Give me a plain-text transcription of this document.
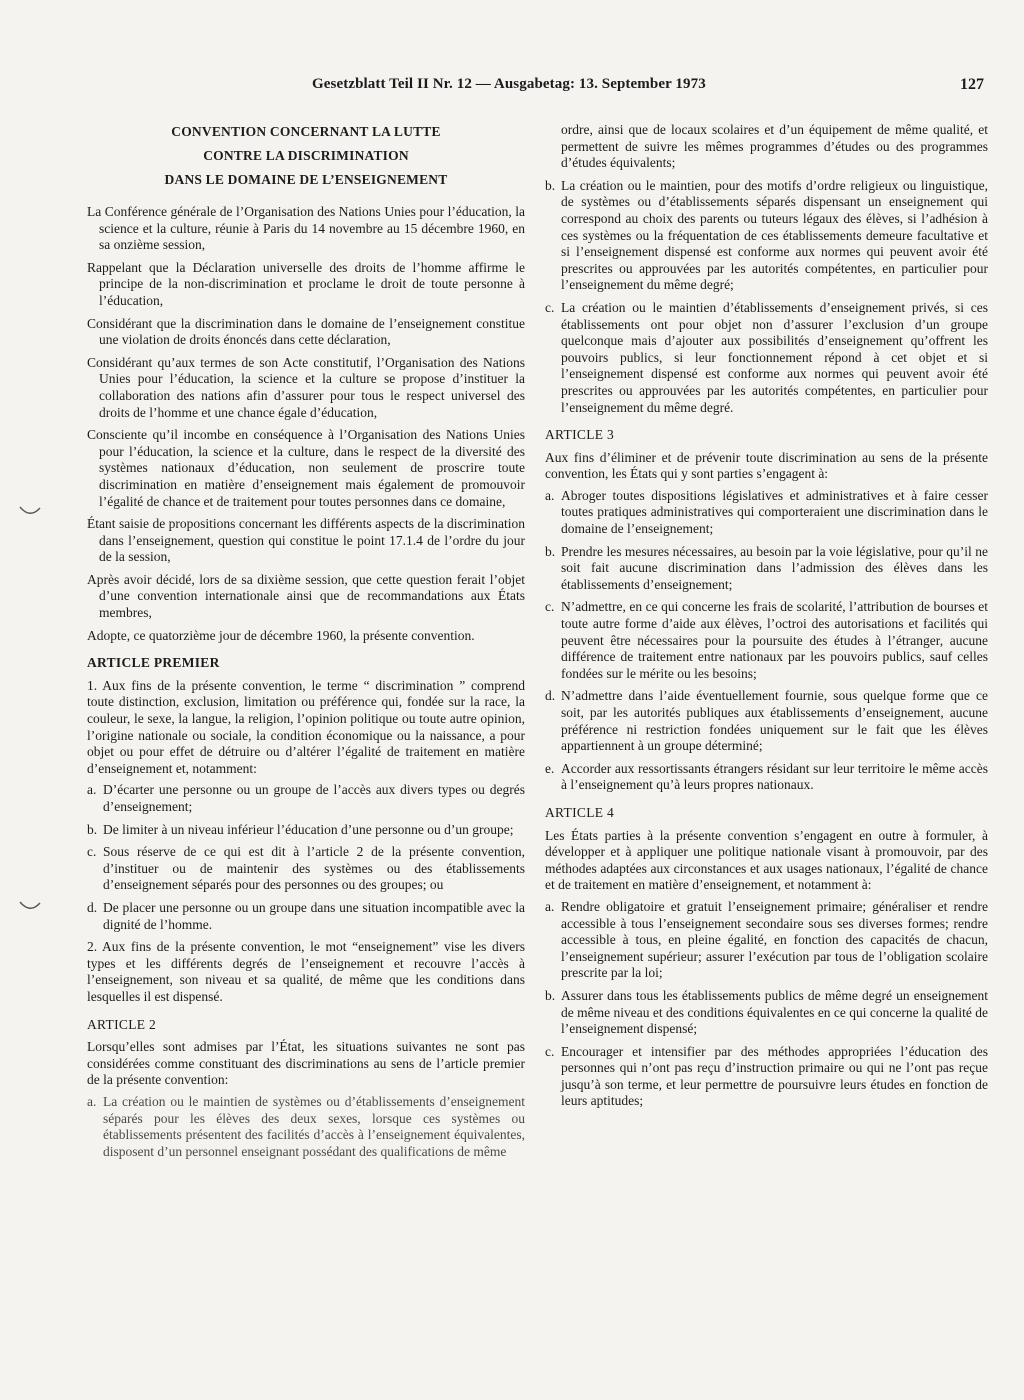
Gesetzblatt Teil II Nr. 12 — Ausgabetag: 13. September 1973	127
CONVENTION CONCERNANT LA LUTTE
CONTRE LA DISCRIMINATION
DANS LE DOMAINE DE L’ENSEIGNEMENT
La Conférence générale de l’Organisation des Nations Unies pour l’éducation, la science et la culture, réunie à Paris du 14 novembre au 15 décembre 1960, en sa onzième session,
Rappelant que la Déclaration universelle des droits de l’homme affirme le principe de la non-discrimination et proclame le droit de toute personne à l’éducation,
Considérant que la discrimination dans le domaine de l’enseignement constitue une violation de droits énoncés dans cette déclaration,
Considérant qu’aux termes de son Acte constitutif, l’Organisation des Nations Unies pour l’éducation, la science et la culture se propose d’instituer la collaboration des nations afin d’assurer pour tous le respect universel des droits de l’homme et une chance égale d’éducation,
Consciente qu’il incombe en conséquence à l’Organisation des Nations Unies pour l’éducation, la science et la culture, dans le respect de la diversité des systèmes nationaux d’éducation, non seulement de proscrire toute discrimination en matière d’enseignement mais également de promouvoir l’égalité de chance et de traitement pour toutes personnes dans ce domaine,
Étant saisie de propositions concernant les différents aspects de la discrimination dans l’enseignement, question qui constitue le point 17.1.4 de l’ordre du jour de la session,
Après avoir décidé, lors de sa dixième session, que cette question ferait l’objet d’une convention internationale ainsi que de recommandations aux États membres,
Adopte, ce quatorzième jour de décembre 1960, la présente convention.
ARTICLE PREMIER
1. Aux fins de la présente convention, le terme “ discrimination ” comprend toute distinction, exclusion, limitation ou préférence qui, fondée sur la race, la couleur, le sexe, la langue, la religion, l’opinion politique ou toute autre opinion, l’origine nationale ou sociale, la condition économique ou la naissance, a pour objet ou pour effet de détruire ou d’altérer l’égalité de traitement en matière d’enseignement et, notamment:
a. D’écarter une personne ou un groupe de l’accès aux divers types ou degrés d’enseignement;
b. De limiter à un niveau inférieur l’éducation d’une personne ou d’un groupe;
c. Sous réserve de ce qui est dit à l’article 2 de la présente convention, d’instituer ou de maintenir des systèmes ou des établissements d’enseignement séparés pour des personnes ou des groupes; ou
d. De placer une personne ou un groupe dans une situation incompatible avec la dignité de l’homme.
2. Aux fins de la présente convention, le mot “enseignement” vise les divers types et les différents degrés de l’enseignement et recouvre l’accès à l’enseignement, son niveau et sa qualité, de même que les conditions dans lesquelles il est dispensé.
ARTICLE 2
Lorsqu’elles sont admises par l’État, les situations suivantes ne sont pas considérées comme constituant des discriminations au sens de l’article premier de la présente convention:
a. La création ou le maintien de systèmes ou d’établissements d’enseignement séparés pour les élèves des deux sexes, lorsque ces systèmes ou établissements présentent des facilités d’accès à l’enseignement équivalentes, disposent d’un personnel enseignant possédant des qualifications de même
ordre, ainsi que de locaux scolaires et d’un équipement de même qualité, et permettent de suivre les mêmes programmes d’études ou des programmes d’études équivalents;
b. La création ou le maintien, pour des motifs d’ordre religieux ou linguistique, de systèmes ou d’établissements séparés dispensant un enseignement qui correspond au choix des parents ou tuteurs légaux des élèves, si l’adhésion à ces systèmes ou la fréquentation de ces établissements demeure facultative et si l’enseignement dispensé est conforme aux normes qui peuvent avoir été prescrites ou approuvées par les autorités compétentes, en particulier pour l’enseignement du même degré;
c. La création ou le maintien d’établissements d’enseignement privés, si ces établissements ont pour objet non d’assurer l’exclusion d’un groupe quelconque mais d’ajouter aux possibilités d’enseignement qu’offrent les pouvoirs publics, si leur fonctionnement répond à cet objet et si l’enseignement dispensé est conforme aux normes qui peuvent avoir été prescrites ou approuvées par les autorités compétentes, en particulier pour l’enseignement du même degré.
ARTICLE 3
Aux fins d’éliminer et de prévenir toute discrimination au sens de la présente convention, les États qui y sont parties s’engagent à:
a. Abroger toutes dispositions législatives et administratives et à faire cesser toutes pratiques administratives qui comporteraient une discrimination dans le domaine de l’enseignement;
b. Prendre les mesures nécessaires, au besoin par la voie législative, pour qu’il ne soit fait aucune discrimination dans l’admission des élèves dans les établissements d’enseignement;
c. N’admettre, en ce qui concerne les frais de scolarité, l’attribution de bourses et toute autre forme d’aide aux élèves, l’octroi des autorisations et facilités qui peuvent être nécessaires pour la poursuite des études à l’étranger, aucune différence de traitement entre nationaux par les pouvoirs publics, sauf celles fondées sur le mérite ou les besoins;
d. N’admettre dans l’aide éventuellement fournie, sous quelque forme que ce soit, par les autorités publiques aux établissements d’enseignement, aucune préférence ni restriction fondées uniquement sur le fait que les élèves appartiennent à un groupe déterminé;
e. Accorder aux ressortissants étrangers résidant sur leur territoire le même accès à l’enseignement qu’à leurs propres nationaux.
ARTICLE 4
Les États parties à la présente convention s’engagent en outre à formuler, à développer et à appliquer une politique nationale visant à promouvoir, par des méthodes adaptées aux circonstances et aux usages nationaux, l’égalité de chance et de traitement en matière d’enseignement, et notamment à:
a. Rendre obligatoire et gratuit l’enseignement primaire; généraliser et rendre accessible à tous l’enseignement secondaire sous ses diverses formes; rendre accessible à tous, en pleine égalité, en fonction des capacités de chacun, l’enseignement supérieur; assurer l’exécution par tous de l’obligation scolaire prescrite par la loi;
b. Assurer dans tous les établissements publics de même degré un enseignement de même niveau et des conditions équivalentes en ce qui concerne la qualité de l’enseignement dispensé;
c. Encourager et intensifier par des méthodes appropriées l’éducation des personnes qui n’ont pas reçu d’instruction primaire ou qui ne l’ont pas reçue jusqu’à son terme, et leur permettre de poursuivre leurs études en fonction de leurs aptitudes;
